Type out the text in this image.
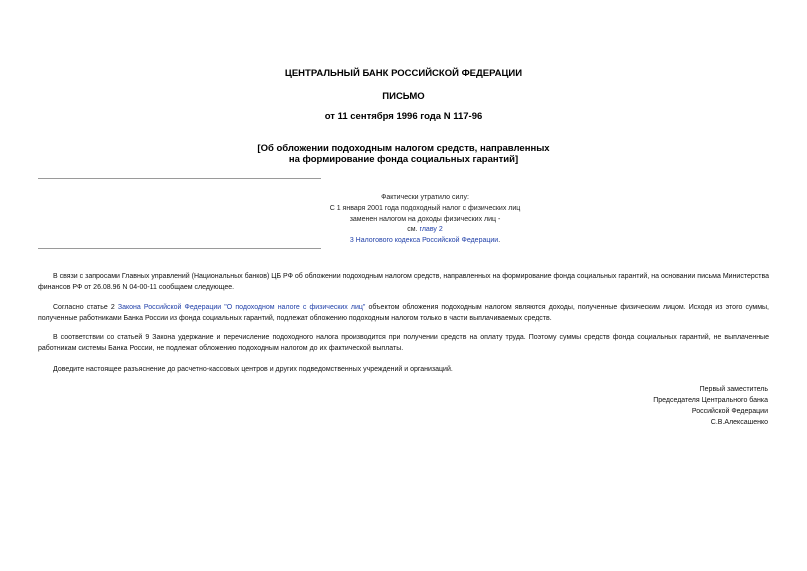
ЦЕНТРАЛЬНЫЙ БАНК РОССИЙСКОЙ ФЕДЕРАЦИИ
ПИСЬМО
от 11 сентября 1996 года N 117-96
[Об обложении подоходным налогом средств, направленных
на формирование фонда социальных гарантий]
Фактически утратило силу:
С 1 января 2001 года подоходный налог с физических лиц
заменен налогом на доходы физических лиц -
см. главу 2
3 Налогового кодекса Российской Федерации.
В связи с запросами Главных управлений (Национальных банков) ЦБ РФ об обложении подоходным налогом средств, направленных на формирование фонда социальных гарантий, на основании письма Министерства финансов РФ от 26.08.96 N 04-00-11 сообщаем следующее.
Согласно статье 2 Закона Российской Федерации "О подоходном налоге с физических лиц" объектом обложения подоходным налогом являются доходы, полученные физическим лицом. Исходя из этого суммы, полученные работниками Банка России из фонда социальных гарантий, подлежат обложению подоходным налогом только в части выплачиваемых средств.
В соответствии со статьей 9 Закона удержание и перечисление подоходного налога производится при получении средств на оплату труда. Поэтому суммы средств фонда социальных гарантий, не выплаченные работникам системы Банка России, не подлежат обложению подоходным налогом до их фактической выплаты.
Доведите настоящее разъяснение до расчетно-кассовых центров и других подведомственных учреждений и организаций.
Первый заместитель
Председателя Центрального банка
Российской Федерации
С.В.Алексашенко
